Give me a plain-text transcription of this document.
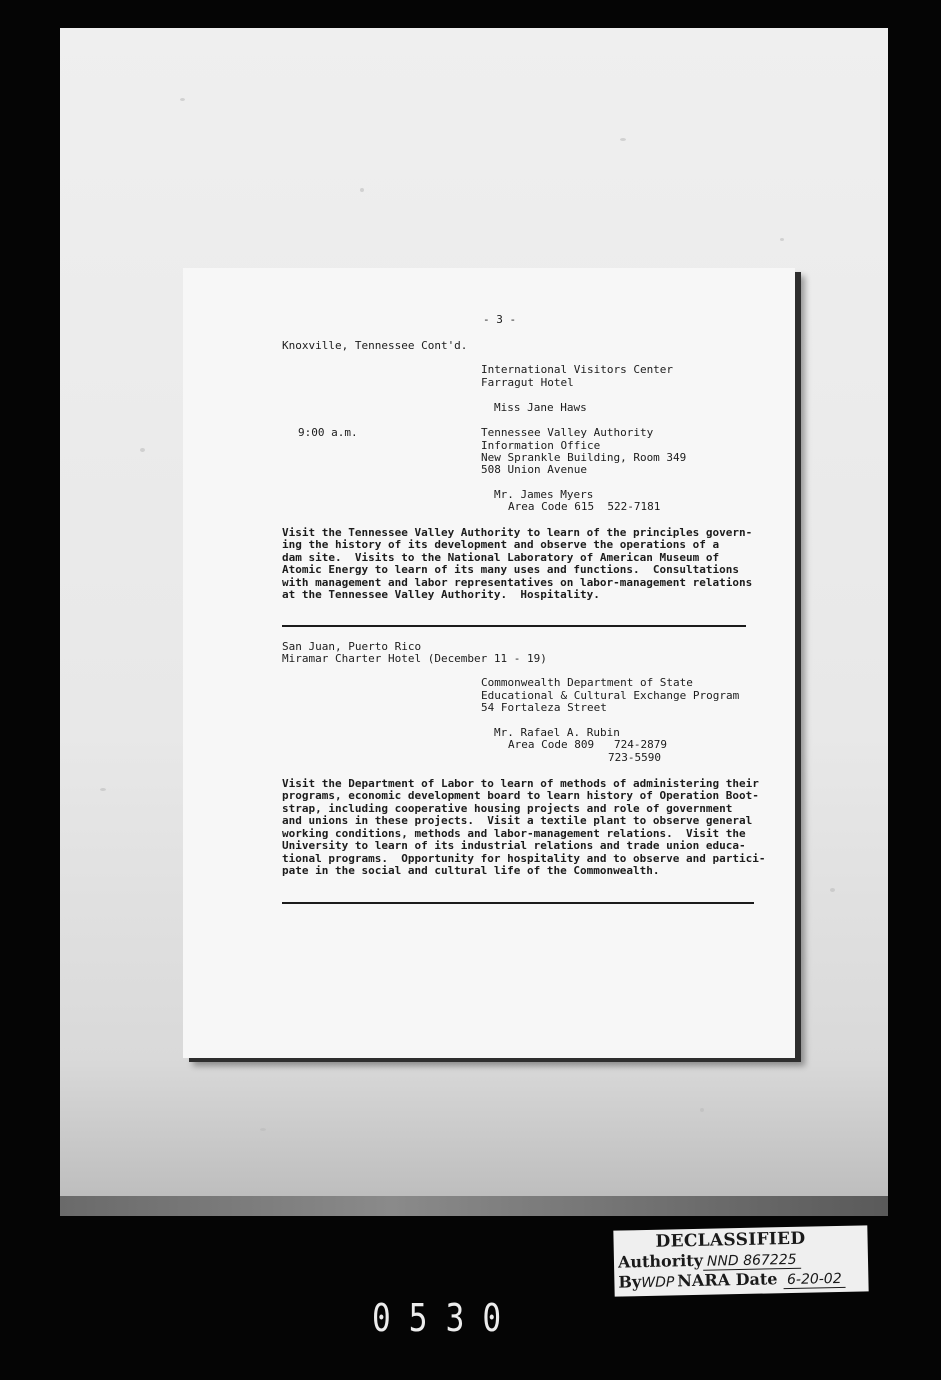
- 3 -

Knoxville, Tennessee Cont'd.

International Visitors Center

Farragut Hotel

Miss Jane Haws

9:00 a.m.

	Tennessee Valley Authority

Information Office

New Sprankle Building, Room 349

508 Union Avenue

Mr. James Myers

Area Code 615  522-7181

Visit the Tennessee Valley Authority to learn of the principles govern-

ing the history of its development and observe the operations of a

dam site.  Visits to the National Laboratory of American Museum of

Atomic Energy to learn of its many uses and functions.  Consultations

with management and labor representatives on labor-management relations

at the Tennessee Valley Authority.  Hospitality.

San Juan, Puerto Rico

Miramar Charter Hotel (December 11 - 19)

Commonwealth Department of State

Educational & Cultural Exchange Program

54 Fortaleza Street

Mr. Rafael A. Rubin

Area Code 809   724-2879

723-5590

Visit the Department of Labor to learn of methods of administering their

programs, economic development board to learn history of Operation Boot-

strap, including cooperative housing projects and role of government

and unions in these projects.  Visit a textile plant to observe general

working conditions, methods and labor-management relations.  Visit the

University to learn of its industrial relations and trade union educa-

tional programs.  Opportunity for hospitality and to observe and partici-

pate in the social and cultural life of the Commonwealth.

DECLASSIFIED
Authority NND 867225
ByWDP NARA Date 6-20-02
0530
